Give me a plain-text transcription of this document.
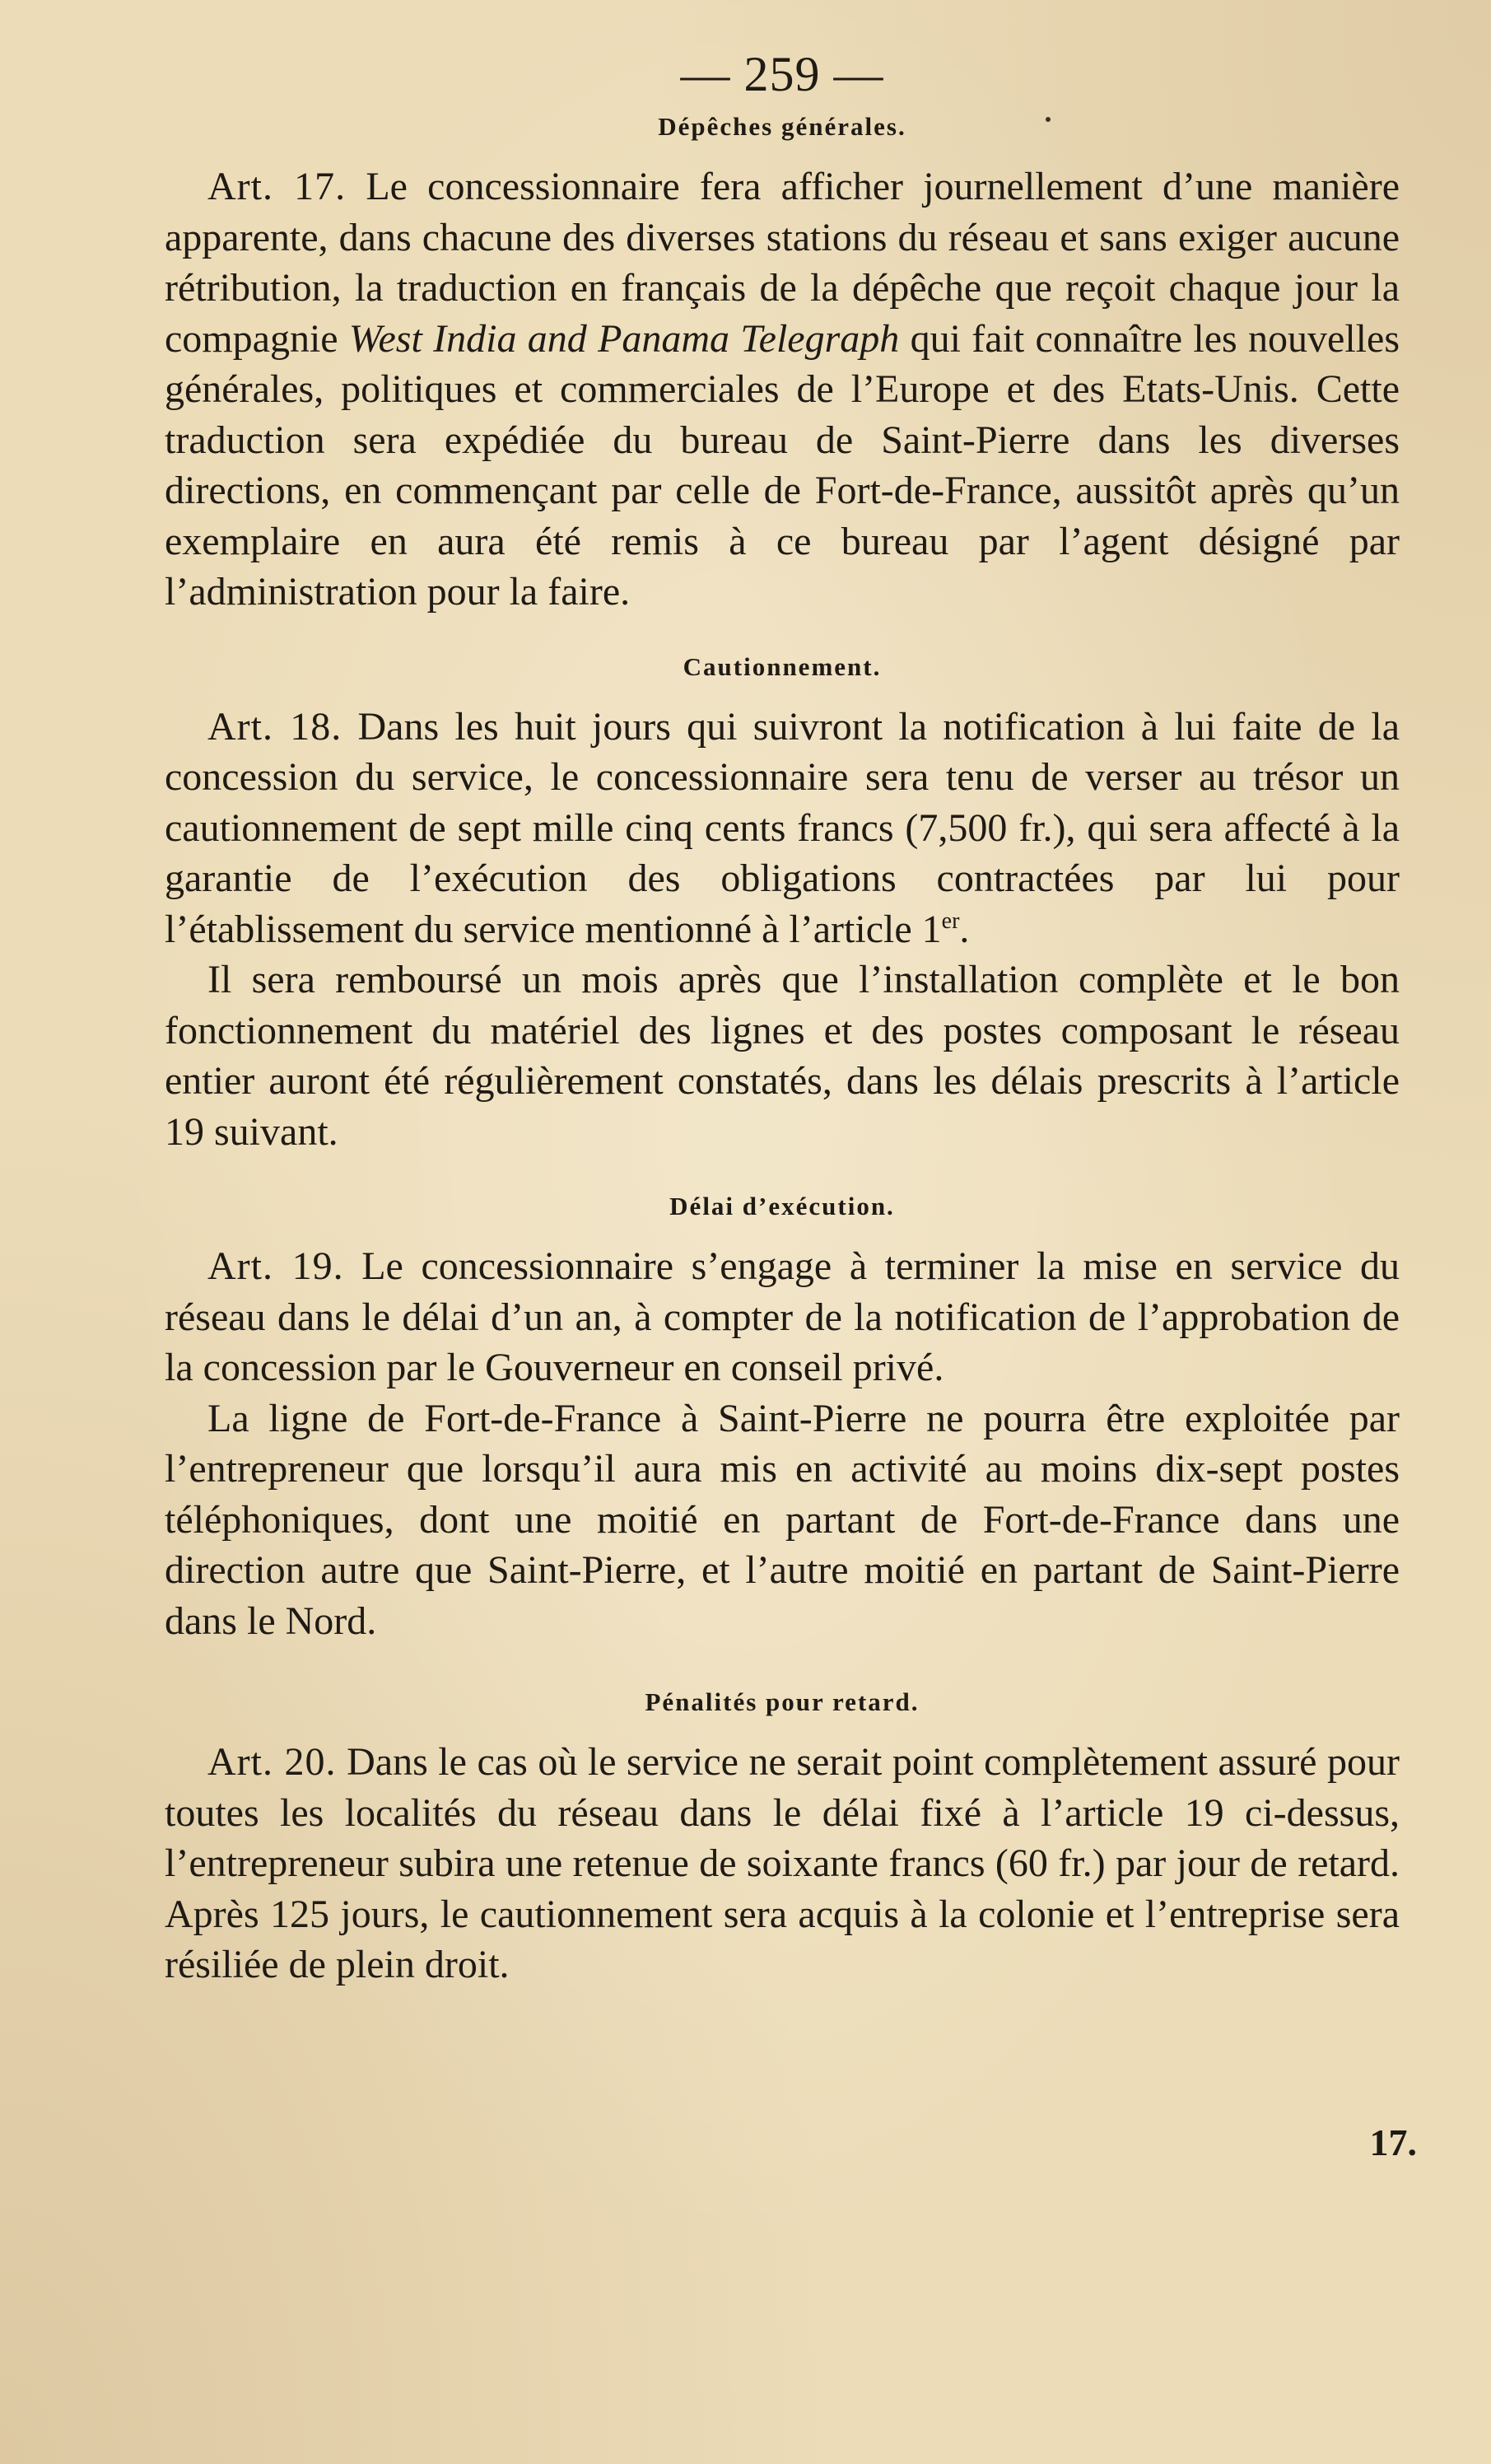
— 259 —

Dépêches générales.

Art. 17. Le concessionnaire fera afficher journellement d’une manière apparente, dans chacune des diverses stations du réseau et sans exiger aucune rétribution, la traduction en français de la dépêche que reçoit chaque jour la compagnie West India and Panama Telegraph qui fait connaître les nouvelles générales, politiques et commerciales de l’Europe et des Etats-Unis. Cette traduction sera expédiée du bureau de Saint-Pierre dans les diverses directions, en commençant par celle de Fort-de-France, aussitôt après qu’un exemplaire en aura été remis à ce bureau par l’agent désigné par l’administration pour la faire.

Cautionnement.

Art. 18. Dans les huit jours qui suivront la notification à lui faite de la concession du service, le concessionnaire sera tenu de verser au trésor un cautionnement de sept mille cinq cents francs (7,500 fr.), qui sera affecté à la garantie de l’exécution des obligations contractées par lui pour l’établissement du service mentionné à l’article 1er.

Il sera remboursé un mois après que l’installation complète et le bon fonctionnement du matériel des lignes et des postes composant le réseau entier auront été régulièrement constatés, dans les délais prescrits à l’article 19 suivant.

Délai d’exécution.

Art. 19. Le concessionnaire s’engage à terminer la mise en service du réseau dans le délai d’un an, à compter de la notification de l’approbation de la concession par le Gouverneur en conseil privé.

La ligne de Fort-de-France à Saint-Pierre ne pourra être exploitée par l’entrepreneur que lorsqu’il aura mis en activité au moins dix-sept postes téléphoniques, dont une moitié en partant de Fort-de-France dans une direction autre que Saint-Pierre, et l’autre moitié en partant de Saint-Pierre dans le Nord.

Pénalités pour retard.

Art. 20. Dans le cas où le service ne serait point complètement assuré pour toutes les localités du réseau dans le délai fixé à l’article 19 ci-dessus, l’entrepreneur subira une retenue de soixante francs (60 fr.) par jour de retard. Après 125 jours, le cautionnement sera acquis à la colonie et l’entreprise sera résiliée de plein droit.

17.
